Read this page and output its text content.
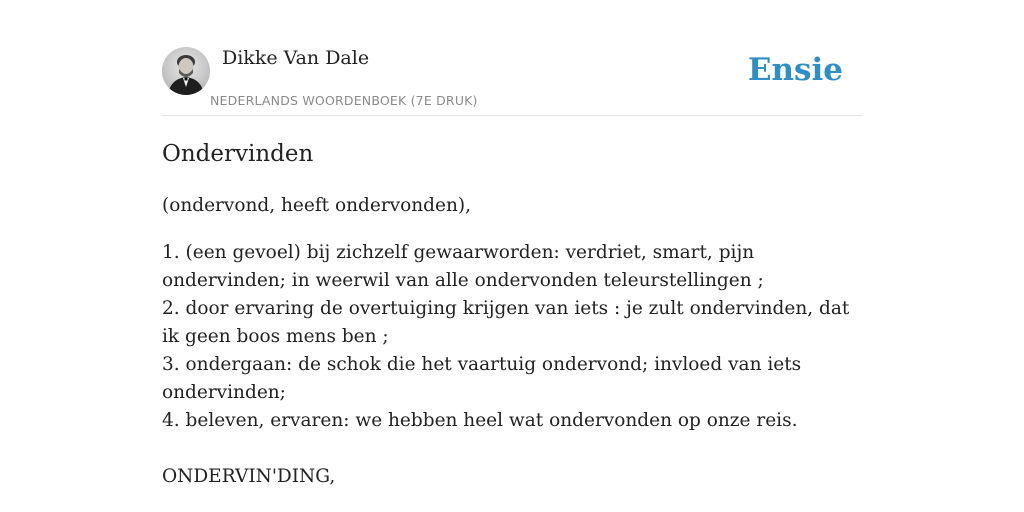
Dikke Van Dale
NEDERLANDS WOORDENBOEK (7E DRUK)
Ensie
Ondervinden
(ondervond, heeft ondervonden),
1. (een gevoel) bij zichzelf gewaarworden: verdriet, smart, pijn ondervinden; in weerwil van alle ondervonden teleurstellingen ;
2. door ervaring de overtuiging krijgen van iets : je zult ondervinden, dat ik geen boos mens ben ;
3. ondergaan: de schok die het vaartuig ondervond; invloed van iets ondervinden;
4. beleven, ervaren: we hebben heel wat ondervonden op onze reis.
ONDERVIN'DING,
